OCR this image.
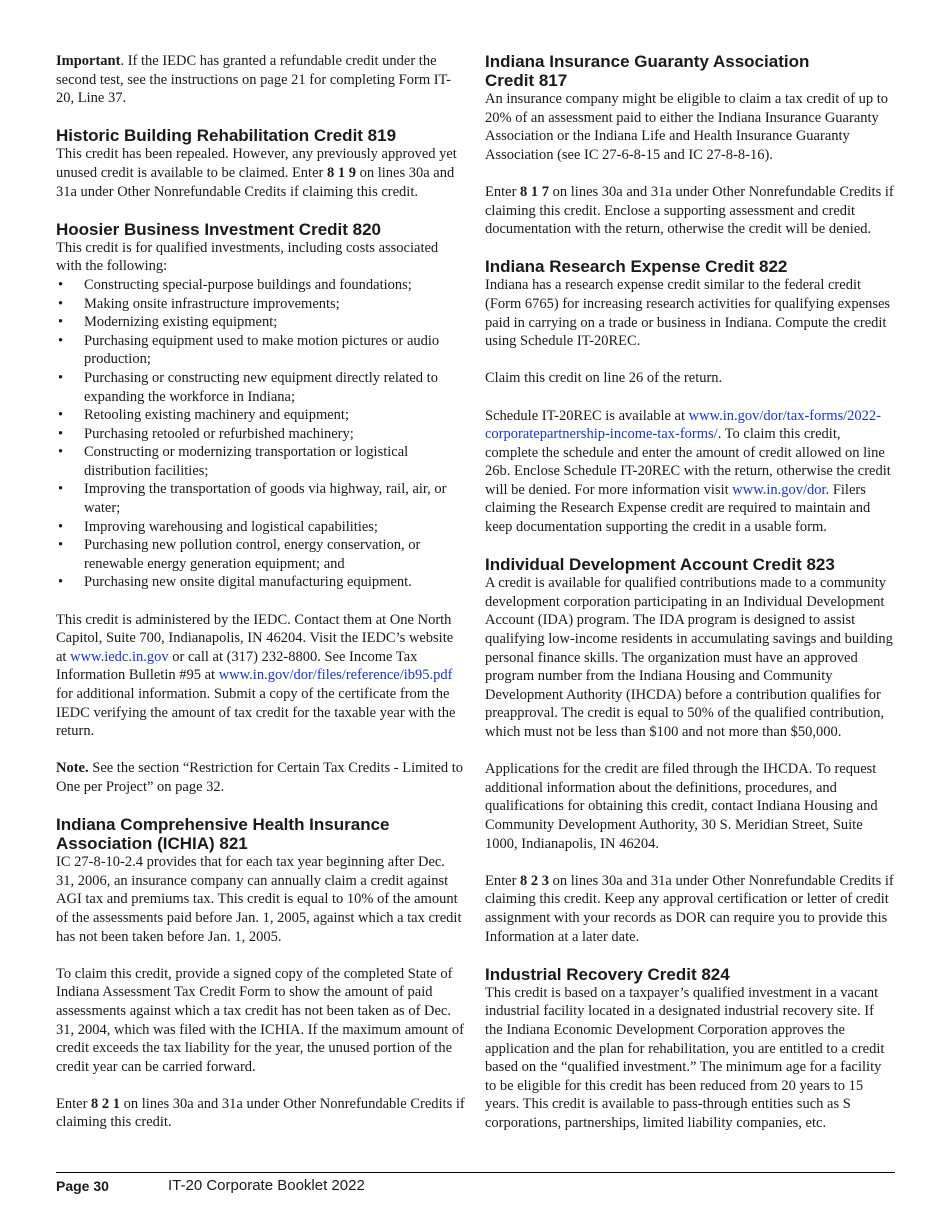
Important. If the IEDC has granted a refundable credit under the second test, see the instructions on page 21 for completing Form IT-20, Line 37.

Historic Building Rehabilitation Credit 819

This credit has been repealed. However, any previously approved yet unused credit is available to be claimed. Enter 8 1 9 on lines 30a and 31a under Other Nonrefundable Credits if claiming this credit.

Hoosier Business Investment Credit 820

This credit is for qualified investments, including costs associated with the following:

• Constructing special-purpose buildings and foundations;
• Making onsite infrastructure improvements;
• Modernizing existing equipment;
• Purchasing equipment used to make motion pictures or audio production;
• Purchasing or constructing new equipment directly related to expanding the workforce in Indiana;
• Retooling existing machinery and equipment;
• Purchasing retooled or refurbished machinery;
• Constructing or modernizing transportation or logistical distribution facilities;
• Improving the transportation of goods via highway, rail, air, or water;
• Improving warehousing and logistical capabilities;
• Purchasing new pollution control, energy conservation, or renewable energy generation equipment; and
• Purchasing new onsite digital manufacturing equipment.

This credit is administered by the IEDC. Contact them at One North Capitol, Suite 700, Indianapolis, IN 46204. Visit the IEDC’s website at www.iedc.in.gov or call at (317) 232-8800. See Income Tax Information Bulletin #95 at www.in.gov/dor/files/reference/ib95.pdf for additional information. Submit a copy of the certificate from the IEDC verifying the amount of tax credit for the taxable year with the return.

Note. See the section “Restriction for Certain Tax Credits - Limited to One per Project” on page 32.

Indiana Comprehensive Health Insurance Association (ICHIA) 821

IC 27-8-10-2.4 provides that for each tax year beginning after Dec. 31, 2006, an insurance company can annually claim a credit against AGI tax and premiums tax. This credit is equal to 10% of the amount of the assessments paid before Jan. 1, 2005, against which a tax credit has not been taken before Jan. 1, 2005.

To claim this credit, provide a signed copy of the completed State of Indiana Assessment Tax Credit Form to show the amount of paid assessments against which a tax credit has not been taken as of Dec. 31, 2004, which was filed with the ICHIA. If the maximum amount of credit exceeds the tax liability for the year, the unused portion of the credit year can be carried forward.

Enter 8 2 1 on lines 30a and 31a under Other Nonrefundable Credits if claiming this credit.

Indiana Insurance Guaranty Association Credit 817

An insurance company might be eligible to claim a tax credit of up to 20% of an assessment paid to either the Indiana Insurance Guaranty Association or the Indiana Life and Health Insurance Guaranty Association (see IC 27-6-8-15 and IC 27-8-8-16).

Enter 8 1 7 on lines 30a and 31a under Other Nonrefundable Credits if claiming this credit. Enclose a supporting assessment and credit documentation with the return, otherwise the credit will be denied.

Indiana Research Expense Credit 822

Indiana has a research expense credit similar to the federal credit (Form 6765) for increasing research activities for qualifying expenses paid in carrying on a trade or business in Indiana. Compute the credit using Schedule IT-20REC.

Claim this credit on line 26 of the return.

Schedule IT-20REC is available at www.in.gov/dor/tax-forms/2022-corporatepartnership-income-tax-forms/. To claim this credit, complete the schedule and enter the amount of credit allowed on line 26b. Enclose Schedule IT-20REC with the return, otherwise the credit will be denied. For more information visit www.in.gov/dor. Filers claiming the Research Expense credit are required to maintain and keep documentation supporting the credit in a usable form.

Individual Development Account Credit 823

A credit is available for qualified contributions made to a community development corporation participating in an Individual Development Account (IDA) program. The IDA program is designed to assist qualifying low-income residents in accumulating savings and building personal finance skills. The organization must have an approved program number from the Indiana Housing and Community Development Authority (IHCDA) before a contribution qualifies for preapproval. The credit is equal to 50% of the qualified contribution, which must not be less than $100 and not more than $50,000.

Applications for the credit are filed through the IHCDA. To request additional information about the definitions, procedures, and qualifications for obtaining this credit, contact Indiana Housing and Community Development Authority, 30 S. Meridian Street, Suite 1000, Indianapolis, IN 46204.

Enter 8 2 3 on lines 30a and 31a under Other Nonrefundable Credits if claiming this credit. Keep any approval certification or letter of credit assignment with your records as DOR can require you to provide this Information at a later date.

Industrial Recovery Credit 824

This credit is based on a taxpayer’s qualified investment in a vacant industrial facility located in a designated industrial recovery site. If the Indiana Economic Development Corporation approves the application and the plan for rehabilitation, you are entitled to a credit based on the “qualified investment.” The minimum age for a facility to be eligible for this credit has been reduced from 20 years to 15 years. This credit is available to pass-through entities such as S corporations, partnerships, limited liability companies, etc.

Page 30	IT-20 Corporate Booklet 2022
